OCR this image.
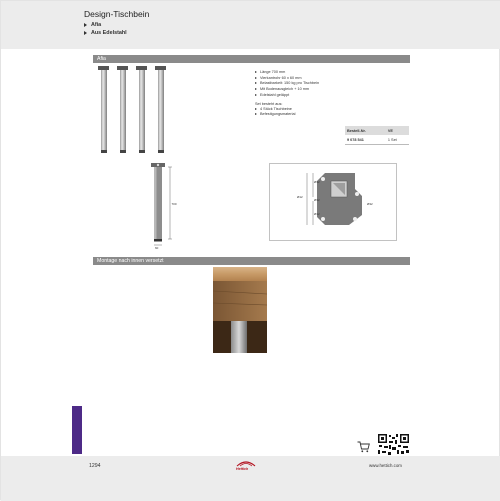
Design-Tischbein
Afia
Aus Edelstahl
Afia
Länge 700 mm
Vierkantrohr 60 x 60 mm
Belastbarkeit: 150 kg pro Tischbein
Mit Bodenausgleich + 10 mm
Edelstahl geläppt
Set besteht aus:
4 Stück Tischbeine
Befestigungsmaterial
Bestell-Nr.	VE
9 078 541	1 Set
700
60
Ø12
Ø32
Ø32
Ø12
Ø32
Montage nach innen versetzt
1294	Hettich
www.hettich.com
